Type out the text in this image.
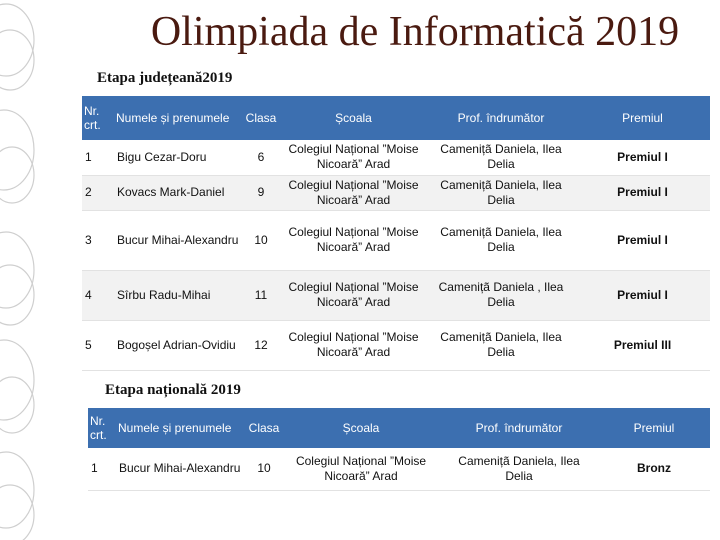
Olimpiada de Informatică 2019
Etapa județeană2019
Nr. crt.	Numele și prenumele	Clasa	Școala	Prof. îndrumător	Premiul
1	Bigu Cezar-Doru	6	Colegiul Național ”Moise Nicoară” Arad	Camenițã Daniela, Ilea Delia	Premiul I
2	Kovacs Mark-Daniel	9	Colegiul Național ”Moise Nicoară” Arad	Camenițã Daniela, Ilea Delia	Premiul I
3	Bucur Mihai-Alexandru	10	Colegiul Național ”Moise Nicoară” Arad	Camenițã Daniela, Ilea Delia	Premiul I
4	Sîrbu Radu-Mihai	11	Colegiul Național ”Moise Nicoară” Arad	Camenițã Daniela , Ilea Delia	Premiul I
5	Bogoșel Adrian-Ovidiu	12	Colegiul Național ”Moise Nicoară” Arad	Camenițã Daniela, Ilea Delia	Premiul III
Etapa națională 2019
Nr. crt.	Numele și prenumele	Clasa	Școala	Prof. îndrumător	Premiul
1	Bucur Mihai-Alexandru	10	Colegiul Național ”Moise Nicoară” Arad	Camenițã Daniela, Ilea Delia	Bronz
